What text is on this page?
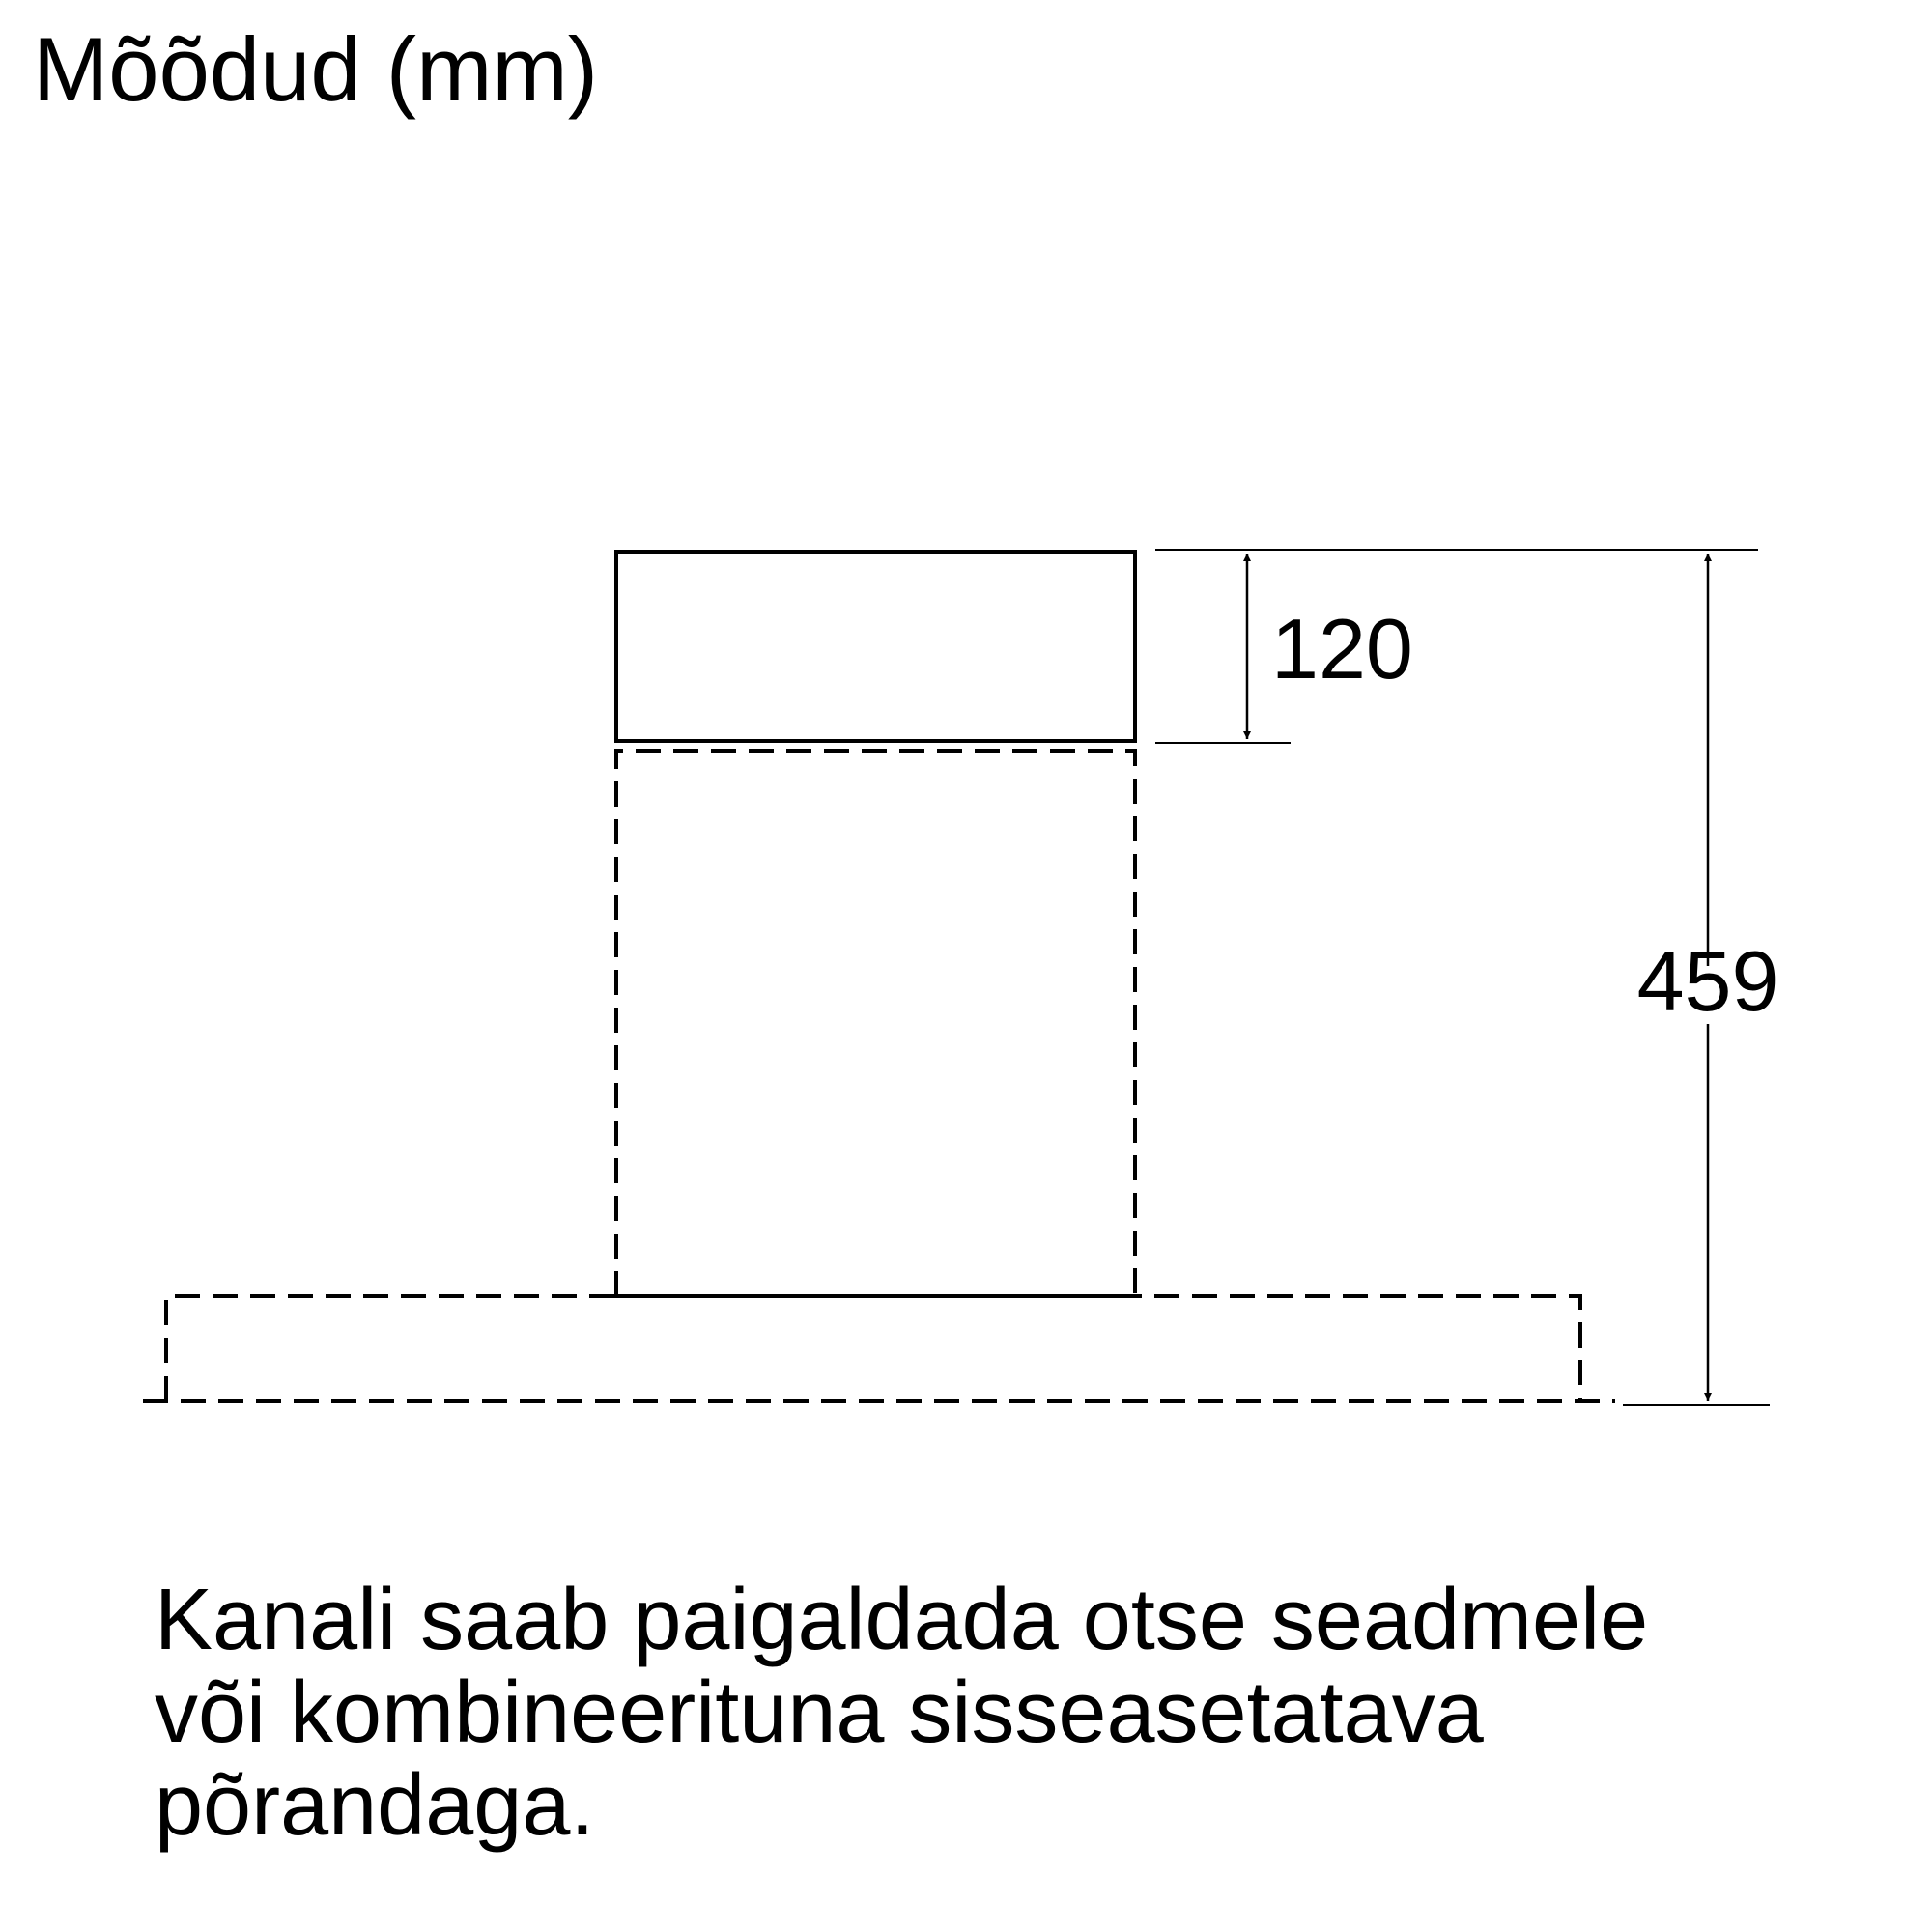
Mõõdud (mm)
120
459
Kanali saab paigaldada otse seadmele
või kombineerituna sisseasetatava
põrandaga.
